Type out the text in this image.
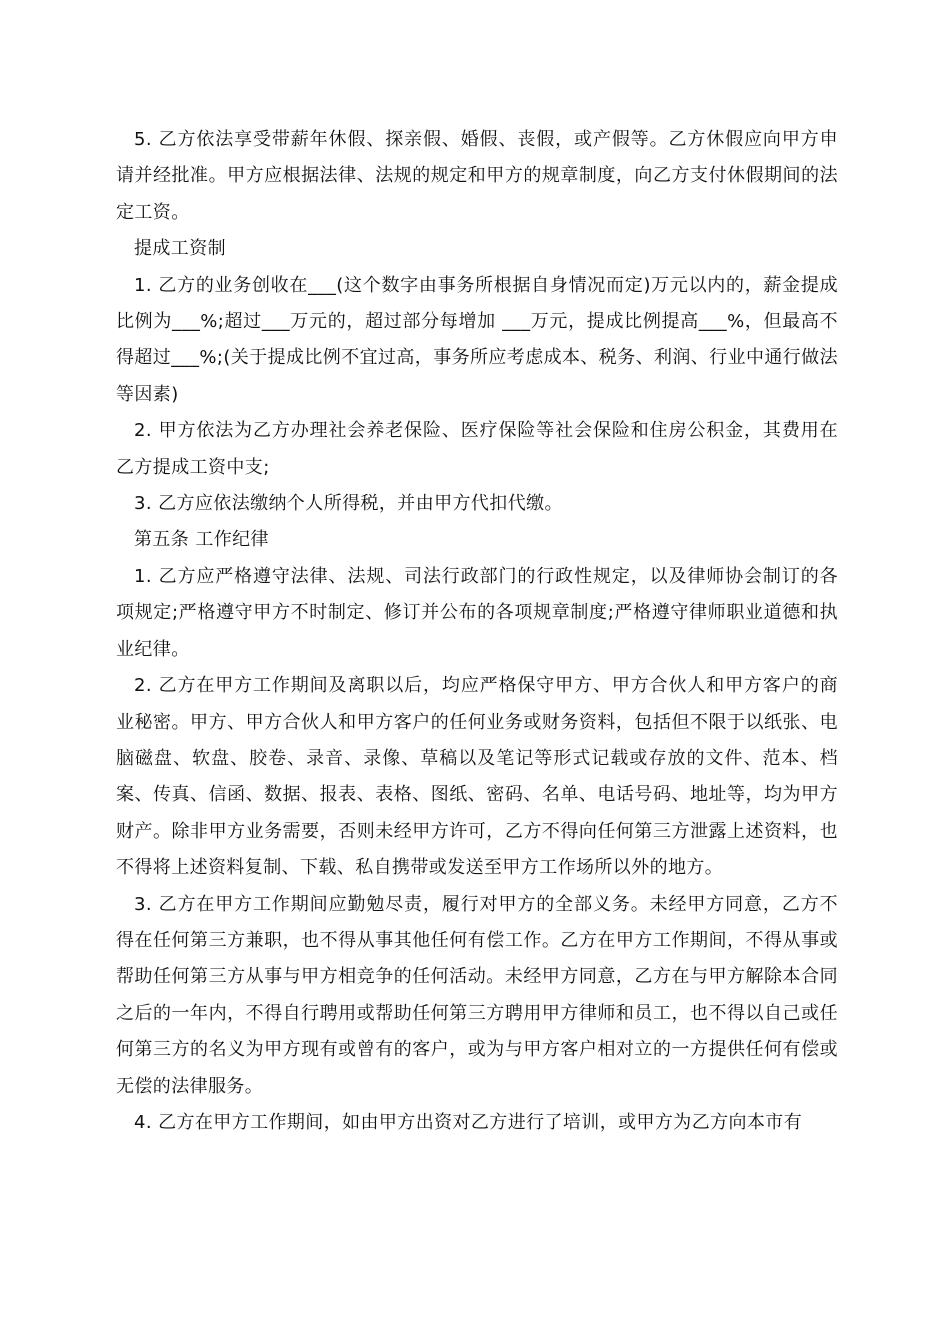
5. 乙方依法享受带薪年休假、探亲假、婚假、丧假，或产假等。乙方休假应向甲方申请并经批准。甲方应根据法律、法规的规定和甲方的规章制度，向乙方支付休假期间的法定工资。

提成工资制

1. 乙方的业务创收在___(这个数字由事务所根据自身情况而定)万元以内的，薪金提成比例为___%;超过___万元的，超过部分每增加 ___万元，提成比例提高___%，但最高不得超过___%;(关于提成比例不宜过高，事务所应考虑成本、税务、利润、行业中通行做法等因素)

2. 甲方依法为乙方办理社会养老保险、医疗保险等社会保险和住房公积金，其费用在乙方提成工资中支;

3. 乙方应依法缴纳个人所得税，并由甲方代扣代缴。

第五条 工作纪律

1. 乙方应严格遵守法律、法规、司法行政部门的行政性规定，以及律师协会制订的各项规定;严格遵守甲方不时制定、修订并公布的各项规章制度;严格遵守律师职业道德和执业纪律。

2. 乙方在甲方工作期间及离职以后，均应严格保守甲方、甲方合伙人和甲方客户的商业秘密。甲方、甲方合伙人和甲方客户的任何业务或财务资料，包括但不限于以纸张、电脑磁盘、软盘、胶卷、录音、录像、草稿以及笔记等形式记载或存放的文件、范本、档案、传真、信函、数据、报表、表格、图纸、密码、名单、电话号码、地址等，均为甲方财产。除非甲方业务需要，否则未经甲方许可，乙方不得向任何第三方泄露上述资料，也不得将上述资料复制、下载、私自携带或发送至甲方工作场所以外的地方。

3. 乙方在甲方工作期间应勤勉尽责，履行对甲方的全部义务。未经甲方同意，乙方不得在任何第三方兼职，也不得从事其他任何有偿工作。乙方在甲方工作期间，不得从事或帮助任何第三方从事与甲方相竞争的任何活动。未经甲方同意，乙方在与甲方解除本合同之后的一年内，不得自行聘用或帮助任何第三方聘用甲方律师和员工，也不得以自己或任何第三方的名义为甲方现有或曾有的客户，或为与甲方客户相对立的一方提供任何有偿或无偿的法律服务。

4. 乙方在甲方工作期间，如由甲方出资对乙方进行了培训，或甲方为乙方向本市有
